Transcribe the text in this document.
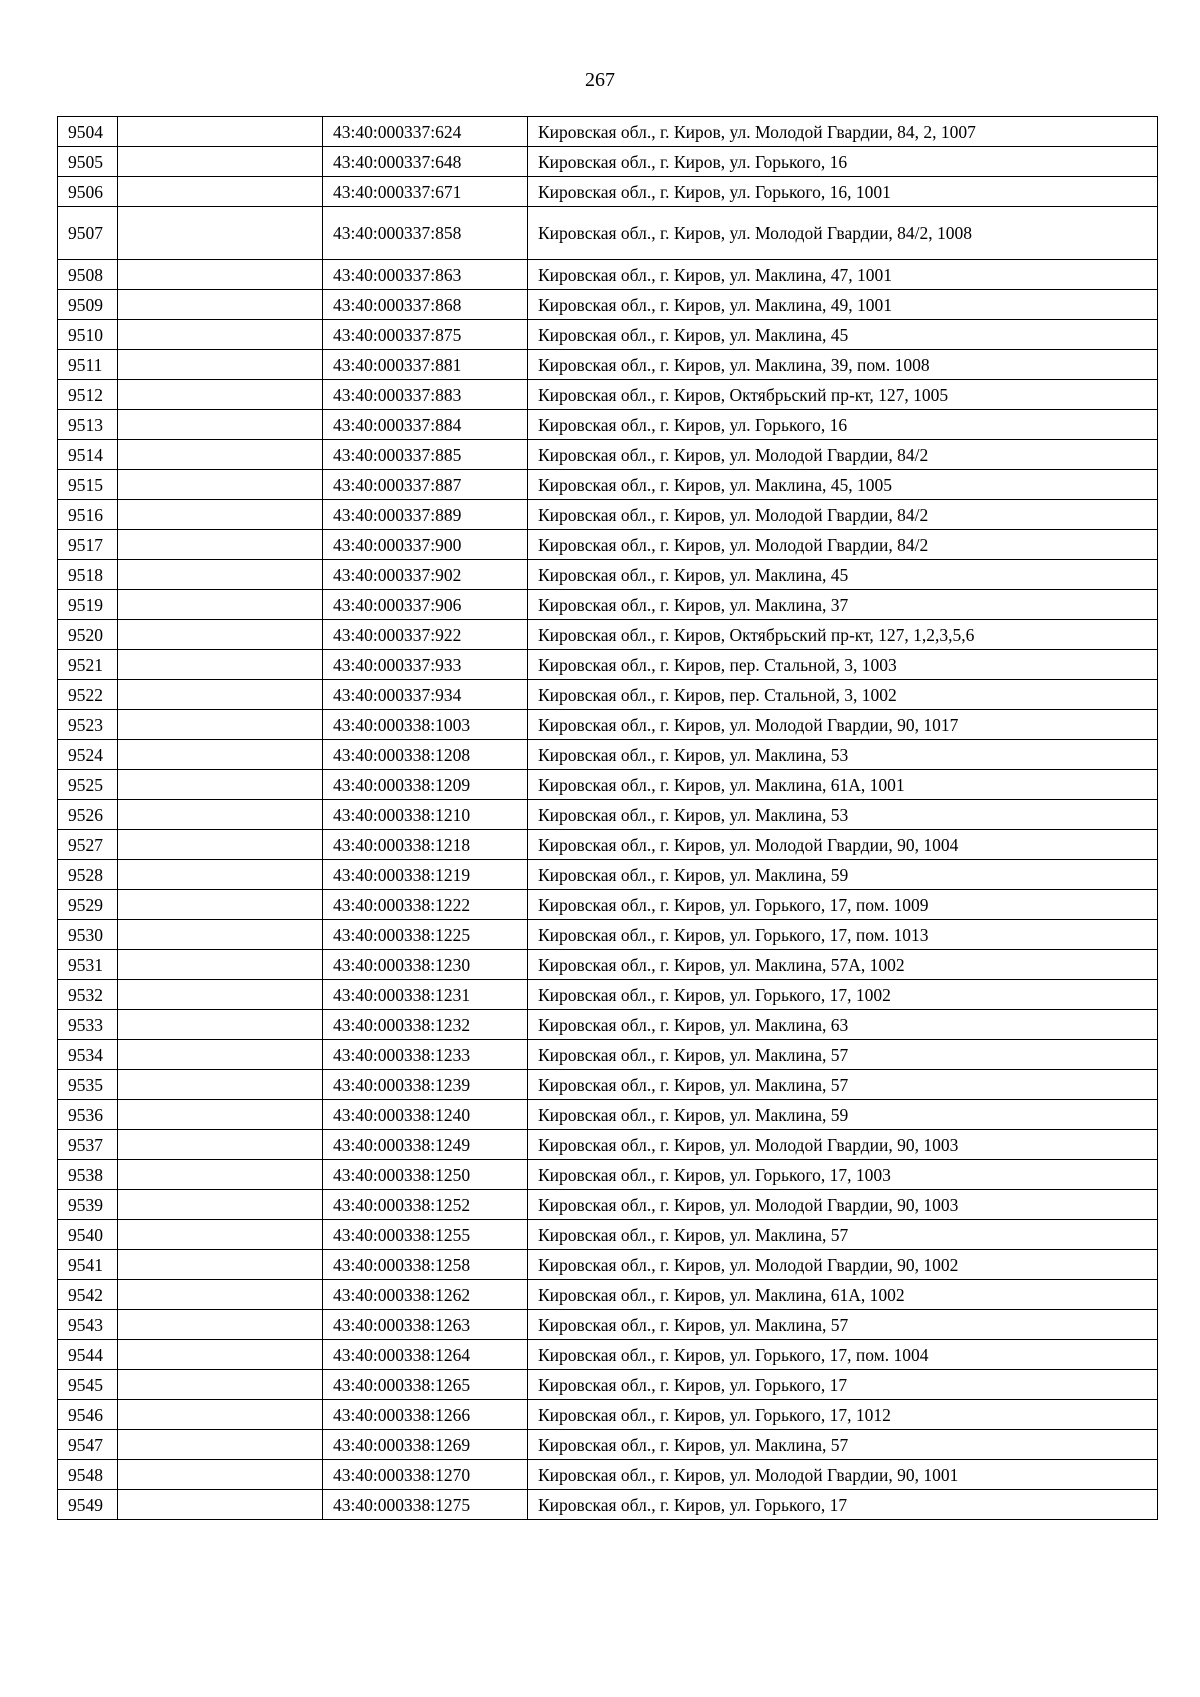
267
9504		43:40:000337:624	Кировская обл., г. Киров, ул. Молодой Гвардии, 84, 2, 1007
9505		43:40:000337:648	Кировская обл., г. Киров, ул. Горького, 16
9506		43:40:000337:671	Кировская обл., г. Киров, ул. Горького, 16, 1001
9507		43:40:000337:858	Кировская обл., г. Киров, ул. Молодой Гвардии, 84/2, 1008
9508		43:40:000337:863	Кировская обл., г. Киров, ул. Маклина, 47, 1001
9509		43:40:000337:868	Кировская обл., г. Киров, ул. Маклина, 49, 1001
9510		43:40:000337:875	Кировская обл., г. Киров, ул. Маклина, 45
9511		43:40:000337:881	Кировская обл., г. Киров, ул. Маклина, 39, пом. 1008
9512		43:40:000337:883	Кировская обл., г. Киров, Октябрьский пр-кт, 127, 1005
9513		43:40:000337:884	Кировская обл., г. Киров, ул. Горького, 16
9514		43:40:000337:885	Кировская обл., г. Киров, ул. Молодой Гвардии, 84/2
9515		43:40:000337:887	Кировская обл., г. Киров, ул. Маклина, 45, 1005
9516		43:40:000337:889	Кировская обл., г. Киров, ул. Молодой Гвардии, 84/2
9517		43:40:000337:900	Кировская обл., г. Киров, ул. Молодой Гвардии, 84/2
9518		43:40:000337:902	Кировская обл., г. Киров, ул. Маклина, 45
9519		43:40:000337:906	Кировская обл., г. Киров, ул. Маклина, 37
9520		43:40:000337:922	Кировская обл., г. Киров, Октябрьский пр-кт, 127, 1,2,3,5,6
9521		43:40:000337:933	Кировская обл., г. Киров, пер. Стальной, 3, 1003
9522		43:40:000337:934	Кировская обл., г. Киров, пер. Стальной, 3, 1002
9523		43:40:000338:1003	Кировская обл., г. Киров, ул. Молодой Гвардии, 90, 1017
9524		43:40:000338:1208	Кировская обл., г. Киров, ул. Маклина, 53
9525		43:40:000338:1209	Кировская обл., г. Киров, ул. Маклина, 61А, 1001
9526		43:40:000338:1210	Кировская обл., г. Киров, ул. Маклина, 53
9527		43:40:000338:1218	Кировская обл., г. Киров, ул. Молодой Гвардии, 90, 1004
9528		43:40:000338:1219	Кировская обл., г. Киров, ул. Маклина, 59
9529		43:40:000338:1222	Кировская обл., г. Киров, ул. Горького, 17, пом. 1009
9530		43:40:000338:1225	Кировская обл., г. Киров, ул. Горького, 17, пом. 1013
9531		43:40:000338:1230	Кировская обл., г. Киров, ул. Маклина, 57А, 1002
9532		43:40:000338:1231	Кировская обл., г. Киров, ул. Горького, 17, 1002
9533		43:40:000338:1232	Кировская обл., г. Киров, ул. Маклина, 63
9534		43:40:000338:1233	Кировская обл., г. Киров, ул. Маклина, 57
9535		43:40:000338:1239	Кировская обл., г. Киров, ул. Маклина, 57
9536		43:40:000338:1240	Кировская обл., г. Киров, ул. Маклина, 59
9537		43:40:000338:1249	Кировская обл., г. Киров, ул. Молодой Гвардии, 90, 1003
9538		43:40:000338:1250	Кировская обл., г. Киров, ул. Горького, 17, 1003
9539		43:40:000338:1252	Кировская обл., г. Киров, ул. Молодой Гвардии, 90, 1003
9540		43:40:000338:1255	Кировская обл., г. Киров, ул. Маклина, 57
9541		43:40:000338:1258	Кировская обл., г. Киров, ул. Молодой Гвардии, 90, 1002
9542		43:40:000338:1262	Кировская обл., г. Киров, ул. Маклина, 61А, 1002
9543		43:40:000338:1263	Кировская обл., г. Киров, ул. Маклина, 57
9544		43:40:000338:1264	Кировская обл., г. Киров, ул. Горького, 17, пом. 1004
9545		43:40:000338:1265	Кировская обл., г. Киров, ул. Горького, 17
9546		43:40:000338:1266	Кировская обл., г. Киров, ул. Горького, 17, 1012
9547		43:40:000338:1269	Кировская обл., г. Киров, ул. Маклина, 57
9548		43:40:000338:1270	Кировская обл., г. Киров, ул. Молодой Гвардии, 90, 1001
9549		43:40:000338:1275	Кировская обл., г. Киров, ул. Горького, 17
